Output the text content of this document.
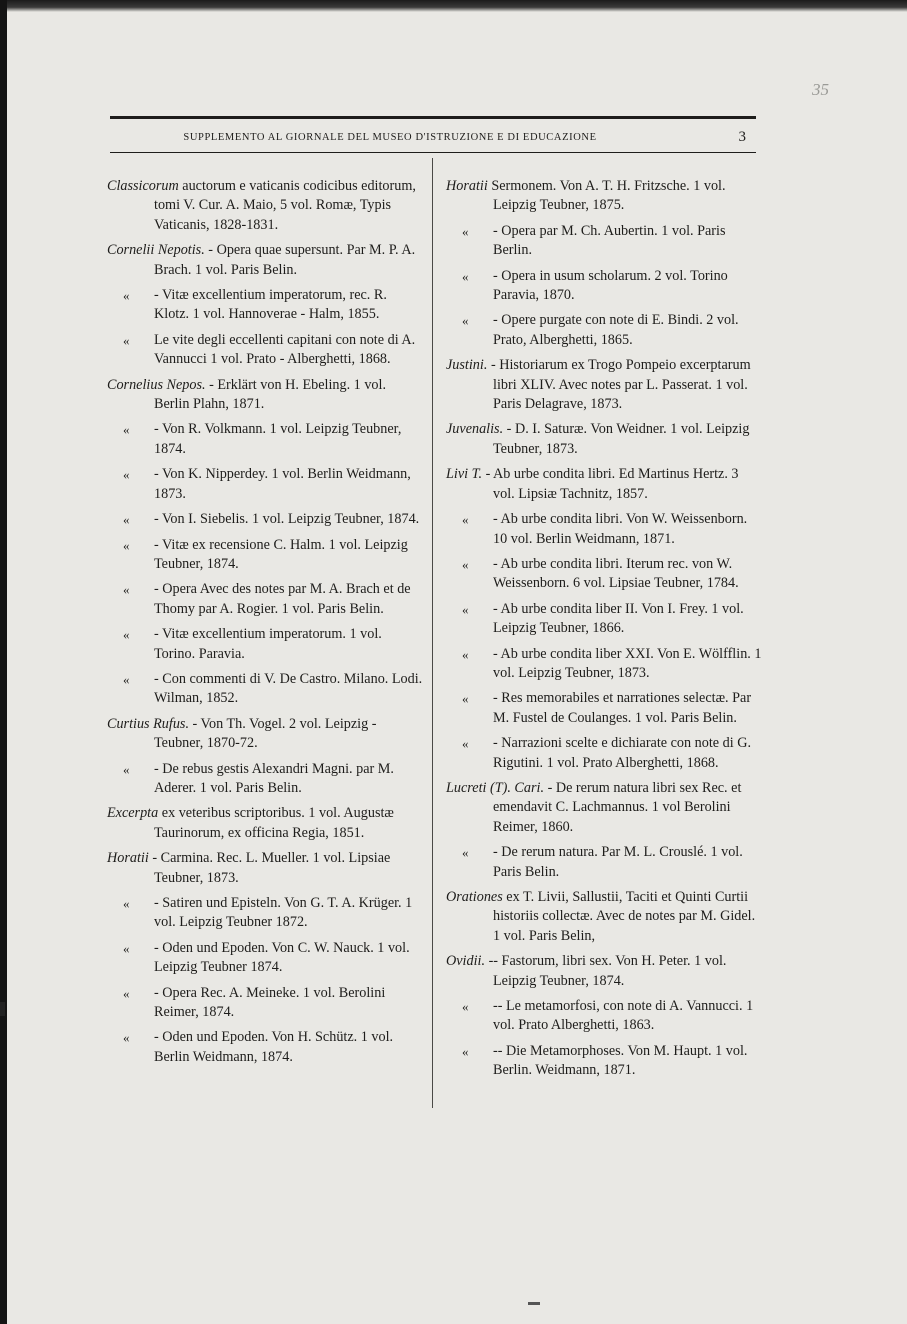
35
SUPPLEMENTO AL GIORNALE DEL MUSEO D'ISTRUZIONE E DI EDUCAZIONE	3

Classicorum auctorum e vaticanis codicibus editorum, tomi V. Cur. A. Maio, 5 vol. Romæ, Typis Vaticanis, 1828-1831.

Cornelii Nepotis. - Opera quae supersunt. Par M. P. A. Brach. 1 vol. Paris Belin.

« - Vitæ excellentium imperatorum, rec. R. Klotz. 1 vol. Hannoverae - Halm, 1855.

« Le vite degli eccellenti capitani con note di A. Vannucci 1 vol. Prato - Alberghetti, 1868.

Cornelius Nepos. - Erklärt von H. Ebeling. 1 vol. Berlin Plahn, 1871.

« - Von R. Volkmann. 1 vol. Leipzig Teubner, 1874.

« - Von K. Nipperdey. 1 vol. Berlin Weidmann, 1873.

« - Von I. Siebelis. 1 vol. Leipzig Teubner, 1874.

« - Vitæ ex recensione C. Halm. 1 vol. Leipzig Teubner, 1874.

« - Opera Avec des notes par M. A. Brach et de Thomy par A. Rogier. 1 vol. Paris Belin.

« - Vitæ excellentium imperatorum. 1 vol. Torino. Paravia.

« - Con commenti di V. De Castro. Milano. Lodi. Wilman, 1852.

Curtius Rufus. - Von Th. Vogel. 2 vol. Leipzig - Teubner, 1870-72.

« - De rebus gestis Alexandri Magni. par M. Aderer. 1 vol. Paris Belin.

Excerpta ex veteribus scriptoribus. 1 vol. Augustæ Taurinorum, ex officina Regia, 1851.

Horatii - Carmina. Rec. L. Mueller. 1 vol. Lipsiae Teubner, 1873.

« - Satiren und Episteln. Von G. T. A. Krüger. 1 vol. Leipzig Teubner 1872.

« - Oden und Epoden. Von C. W. Nauck. 1 vol. Leipzig Teubner 1874.

« - Opera Rec. A. Meineke. 1 vol. Berolini Reimer, 1874.

« - Oden und Epoden. Von H. Schütz. 1 vol. Berlin Weidmann, 1874.

Horatii Sermonem. Von A. T. H. Fritzsche. 1 vol. Leipzig Teubner, 1875.

« - Opera par M. Ch. Aubertin. 1 vol. Paris Berlin.

« - Opera in usum scholarum. 2 vol. Torino Paravia, 1870.

« - Opere purgate con note di E. Bindi. 2 vol. Prato, Alberghetti, 1865.

Justini. - Historiarum ex Trogo Pompeio excerptarum libri XLIV. Avec notes par L. Passerat. 1 vol. Paris Delagrave, 1873.

Juvenalis. - D. I. Saturæ. Von Weidner. 1 vol. Leipzig Teubner, 1873.

Livi T. - Ab urbe condita libri. Ed Martinus Hertz. 3 vol. Lipsiæ Tachnitz, 1857.

« - Ab urbe condita libri. Von W. Weissenborn. 10 vol. Berlin Weidmann, 1871.

« - Ab urbe condita libri. Iterum rec. von W. Weissenborn. 6 vol. Lipsiae Teubner, 1784.

« - Ab urbe condita liber II. Von I. Frey. 1 vol. Leipzig Teubner, 1866.

« - Ab urbe condita liber XXI. Von E. Wölfflin. 1 vol. Leipzig Teubner, 1873.

« - Res memorabiles et narrationes selectæ. Par M. Fustel de Coulanges. 1 vol. Paris Belin.

« - Narrazioni scelte e dichiarate con note di G. Rigutini. 1 vol. Prato Alberghetti, 1868.

Lucreti (T). Cari. - De rerum natura libri sex Rec. et emendavit C. Lachmannus. 1 vol Berolini Reimer, 1860.

« - De rerum natura. Par M. L. Crouslé. 1 vol. Paris Belin.

Orationes ex T. Livii, Sallustii, Taciti et Quinti Curtii historiis collectæ. Avec de notes par M. Gidel. 1 vol. Paris Belin,

Ovidii. -- Fastorum, libri sex. Von H. Peter. 1 vol. Leipzig Teubner, 1874.

« -- Le metamorfosi, con note di A. Vannucci. 1 vol. Prato Alberghetti, 1863.

« -- Die Metamorphoses. Von M. Haupt. 1 vol. Berlin. Weidmann, 1871.
